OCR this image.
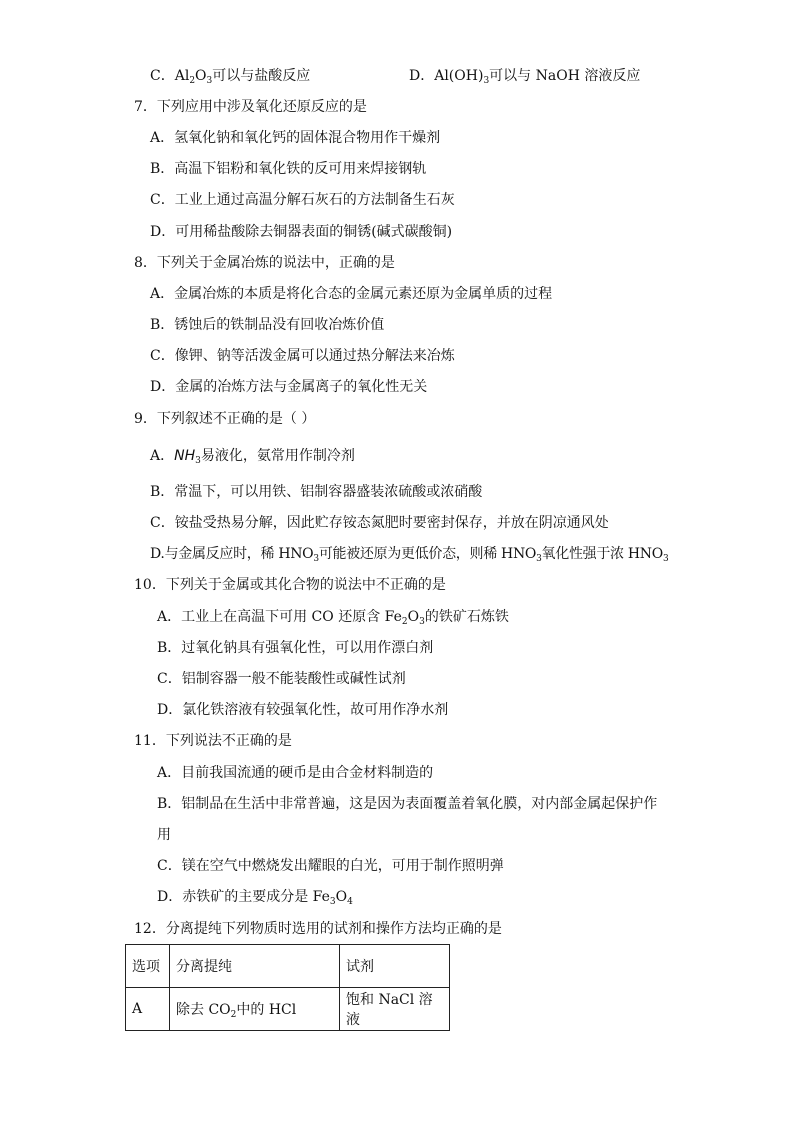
C．$Al_2O_3$可以与盐酸反应	D．$Al(OH)_3$可以与 NaOH 溶液反应
7．下列应用中涉及氧化还原反应的是
A．氢氧化钠和氧化钙的固体混合物用作干燥剂
B．高温下铝粉和氧化铁的反可用来焊接钢轨
C．工业上通过高温分解石灰石的方法制备生石灰
D．可用稀盐酸除去铜器表面的铜锈(碱式碳酸铜)
8．下列关于金属冶炼的说法中，正确的是
A．金属冶炼的本质是将化合态的金属元素还原为金属单质的过程
B．锈蚀后的铁制品没有回收冶炼价值
C．像钾、钠等活泼金属可以通过热分解法来冶炼
D．金属的冶炼方法与金属离子的氧化性无关
9．下列叙述不正确的是（ ）
A．$NH_3$易液化，氨常用作制冷剂
B．常温下，可以用铁、铝制容器盛装浓硫酸或浓硝酸
C．铵盐受热易分解，因此贮存铵态氮肥时要密封保存，并放在阴凉通风处
D.与金属反应时，稀 $HNO_3$可能被还原为更低价态，则稀 $HNO_3$氧化性强于浓 $HNO_3$
10．下列关于金属或其化合物的说法中不正确的是
A．工业上在高温下可用 CO 还原含 $Fe_2O_3$的铁矿石炼铁
B．过氧化钠具有强氧化性，可以用作漂白剂
C．铝制容器一般不能装酸性或碱性试剂
D．氯化铁溶液有较强氧化性，故可用作净水剂
11．下列说法不正确的是
A．目前我国流通的硬币是由合金材料制造的
B．铝制品在生活中非常普遍，这是因为表面覆盖着氧化膜，对内部金属起保护作
用
C．镁在空气中燃烧发出耀眼的白光，可用于制作照明弹
D．赤铁矿的主要成分是 $Fe_3O_4$
12．分离提纯下列物质时选用的试剂和操作方法均正确的是
选项	分离提纯	试剂
A	除去 $CO_2$中的 HCl	饱和 NaCl 溶液
